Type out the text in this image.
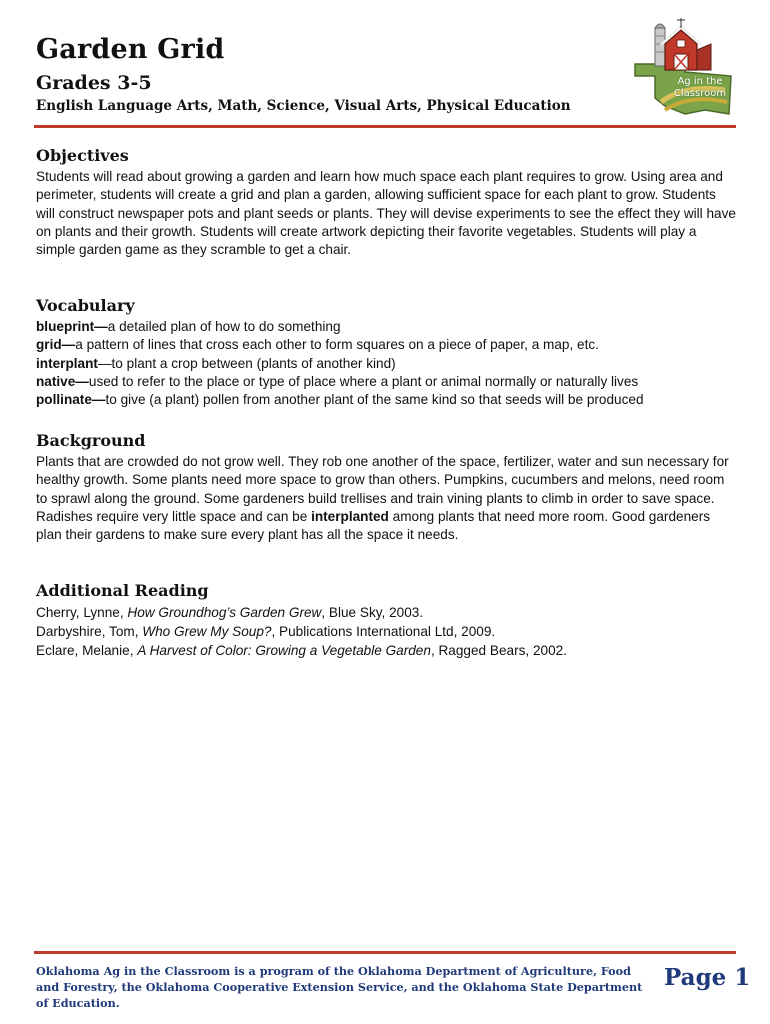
Garden Grid
Grades 3-5
English Language Arts, Math, Science, Visual Arts, Physical Education
Ag in the
Classroom
Objectives

Students will read about growing a garden and learn how much space each plant requires to grow. Using area and perimeter, students will create a grid and plan a garden, allowing sufficient space for each plant to grow. Students will construct newspaper pots and plant seeds or plants. They will devise experiments to see the effect they will have on plants and their growth. Students will create artwork depicting their favorite vegetables. Students will play a simple garden game as they scramble to get a chair.

Vocabulary
blueprint—a detailed plan of how to do something
grid—a pattern of lines that cross each other to form squares on a piece of paper, a map, etc.
interplant—to plant a crop between (plants of another kind)
native—used to refer to the place or type of place where a plant or animal normally or naturally lives
pollinate—to give (a plant) pollen from another plant of the same kind so that seeds will be produced
Background

Plants that are crowded do not grow well. They rob one another of the space, fertilizer, water and sun necessary for healthy growth. Some plants need more space to grow than others. Pumpkins, cucumbers and melons, need room to sprawl along the ground. Some gardeners build trellises and train vining plants to climb in order to save space. Radishes require very little space and can be interplanted among plants that need more room. Good gardeners plan their gardens to make sure every plant has all the space it needs.

Additional Reading
Cherry, Lynne, How Groundhog’s Garden Grew, Blue Sky, 2003.
Darbyshire, Tom, Who Grew My Soup?, Publications International Ltd, 2009.
Eclare, Melanie, A Harvest of Color: Growing a Vegetable Garden, Ragged Bears, 2002.
Oklahoma Ag in the Classroom is a program of the Oklahoma Department of Agriculture, Food and Forestry, the Oklahoma Cooperative Extension Service, and the Oklahoma State Department of Education.
Page 1
